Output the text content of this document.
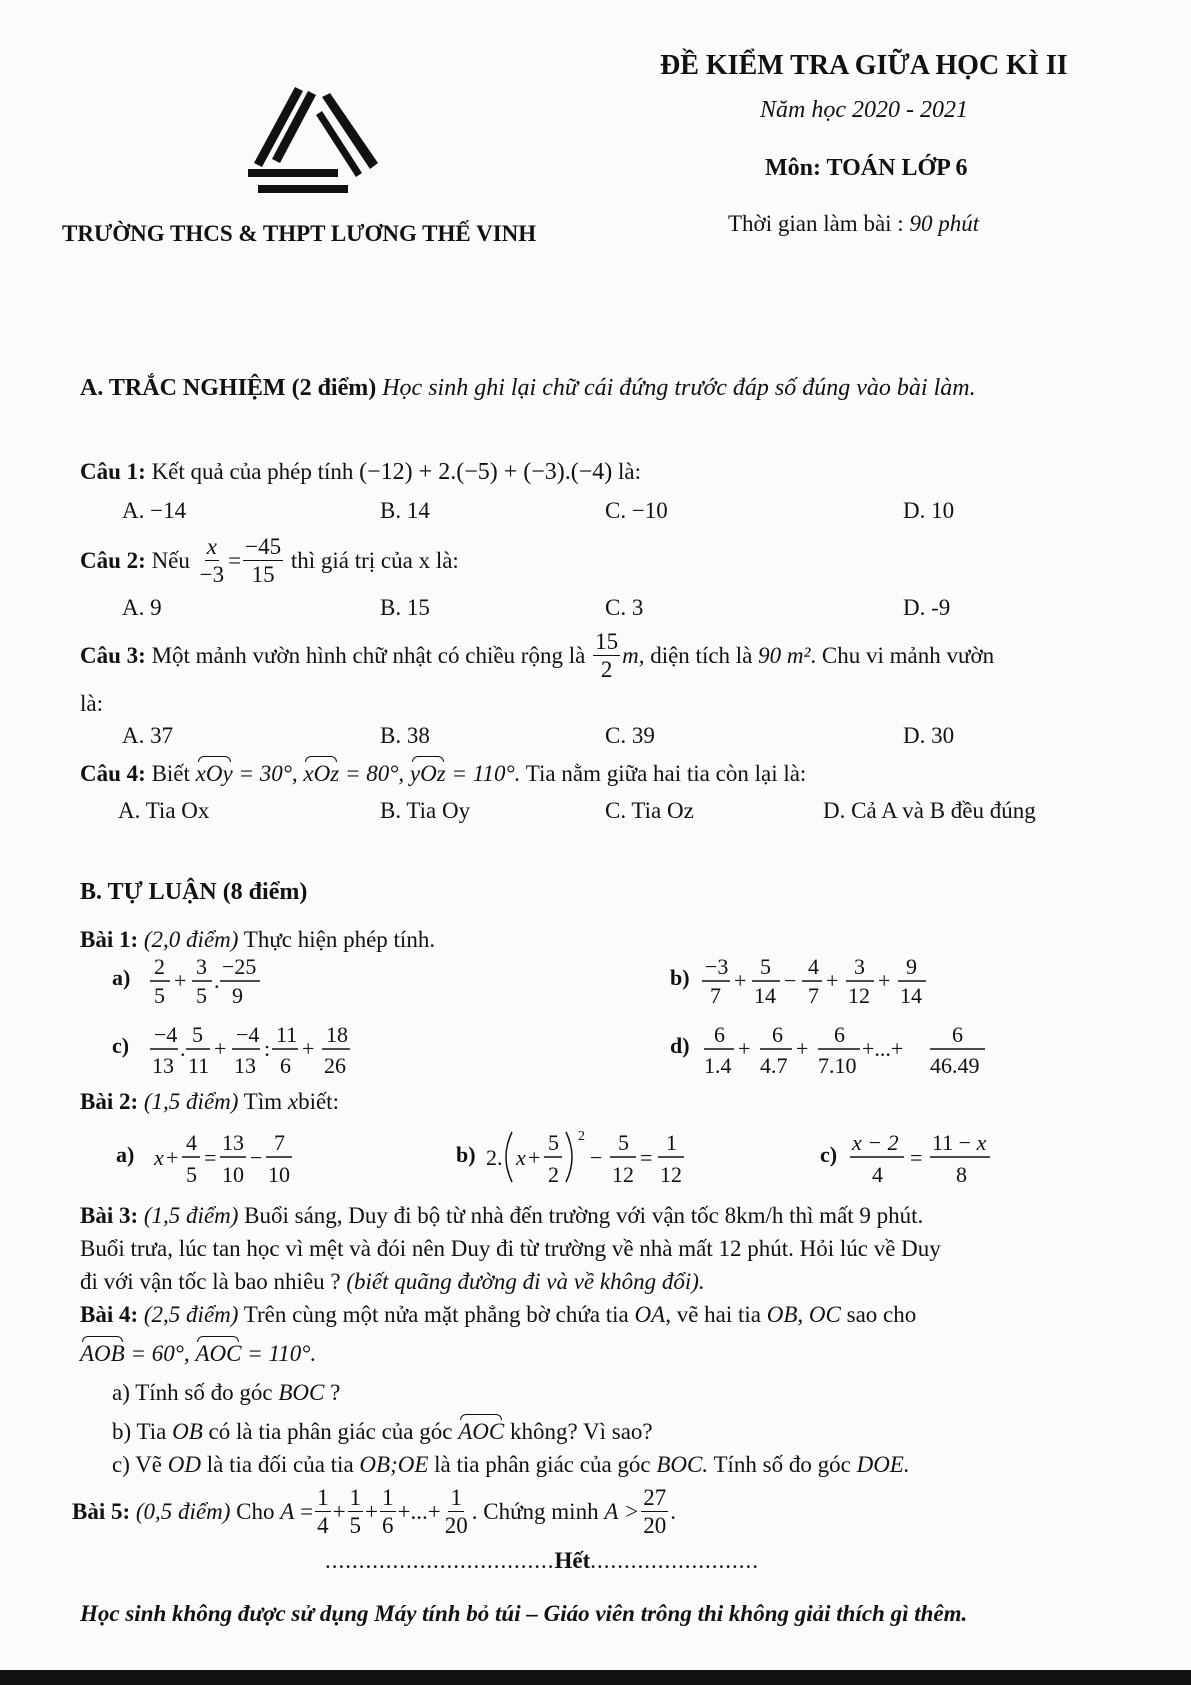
ĐỀ KIỂM TRA GIỮA HỌC KÌ II
Năm học 2020 - 2021
Môn: TOÁN LỚP 6
Thời gian làm bài : 90 phút
TRƯỜNG THCS & THPT LƯƠNG THẾ VINH
A. TRẮC NGHIỆM (2 điểm) Học sinh ghi lại chữ cái đứng trước đáp số đúng vào bài làm.
Câu 1: Kết quả của phép tính (−12) + 2.(−5) + (−3).(−4) là:
A. −14	B. 14	C. −10	D. 10
Câu 2:
Nếu
$\frac{x}{-3} = \frac{-45}{15}$
thì giá trị của x là:
A. 9	B. 15	C. 3	D. -9
Câu 3:
Một mảnh vườn hình chữ nhật có chiều rộng là
$\frac{15}{2} m$,
diện tích là
90 m² . Chu vi mảnh vườn
là:
A. 37	B. 38	C. 39	D. 30
Câu 4: Biết xOy = 30°, xOz = 80°, yOz = 110°. Tia nằm giữa hai tia còn lại là:
A. Tia Ox	B. Tia Oy	C. Tia Oz	D. Cả A và B đều đúng
B. TỰ LUẬN (8 điểm)
Bài 1: (2,0 điểm) Thực hiện phép tính.
a) 2
5
+
3
5
.
−25
9
b) −3
7
+
5
14
−
4
7
+
3
12
+
9
14
c) −4
13
.
5
11
+
−4
13
:
11
6
+
18
26
d) 6
1.4
+
6
4.7
+
6
7.10
+...+
6
46.49
Bài 2: (1,5 điểm) Tìm xbiết:
a) x +
4
5
=
13
10
−
7
10
b) 2. x +
5
2
2
−
5
12
=
1
12
c) x − 2
4
=
11 − x
8
Bài 3: (1,5 điểm) Buổi sáng, Duy đi bộ từ nhà đến trường với vận tốc 8km/h thì mất 9 phút.
Buổi trưa, lúc tan học vì mệt và đói nên Duy đi từ trường về nhà mất 12 phút. Hỏi lúc về Duy
đi với vận tốc là bao nhiêu ? (biết quãng đường đi và về không đổi).
Bài 4: (2,5 điểm) Trên cùng một nửa mặt phẳng bờ chứa tia OA, vẽ hai tia OB, OC sao cho
AOB = 60°, AOC = 110°.
a) Tính số đo góc BOC ?
b) Tia OB có là tia phân giác của góc AOC không? Vì sao?
c) Vẽ OD là tia đối của tia OB;OE là tia phân giác của góc BOC. Tính số đo góc DOE.
Bài 5:
(0,5 điểm)
Cho
$A = \frac{1}{4} + \frac{1}{5} + \frac{1}{6}$ +...+ $\frac{1}{20}$ . Chứng minh
$A > \frac{27}{20}$ .
..................................Hết.........................
Học sinh không được sử dụng Máy tính bỏ túi – Giáo viên trông thi không giải thích gì thêm.
